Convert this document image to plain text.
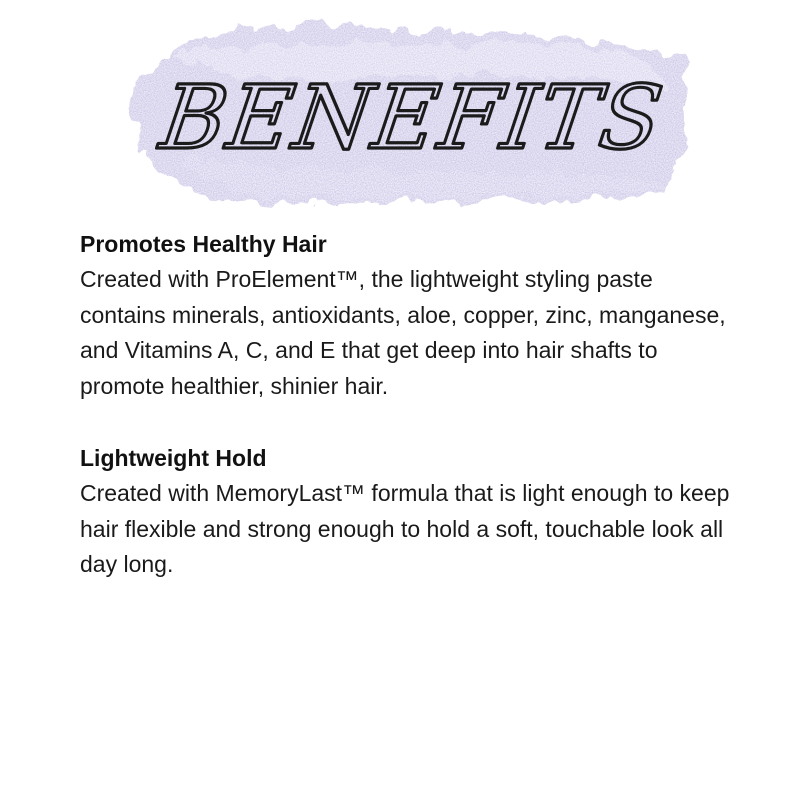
BENEFITS

Promotes Healthy Hair

Created with ProElement™, the lightweight styling paste contains minerals, antioxidants, aloe, copper, zinc, manganese, and Vitamins A, C, and E that get deep into hair shafts to promote healthier, shinier hair.

Lightweight Hold

Created with MemoryLast™ formula that is light enough to keep hair flexible and strong enough to hold a soft, touchable look all day long.
